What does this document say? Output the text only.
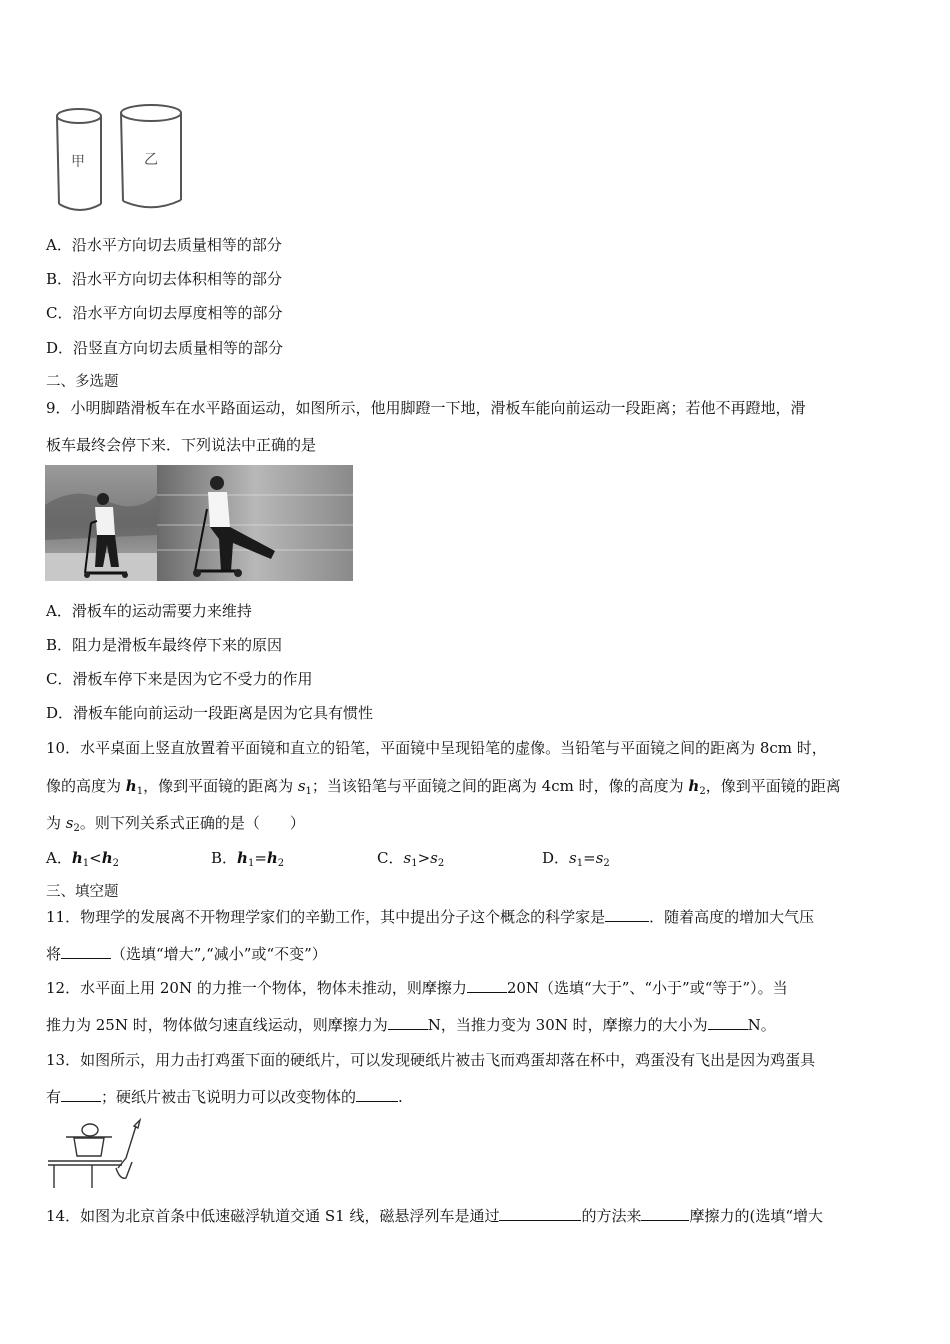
甲	乙
A．沿水平方向切去质量相等的部分
B．沿水平方向切去体积相等的部分
C．沿水平方向切去厚度相等的部分
D．沿竖直方向切去质量相等的部分
二、多选题
9．小明脚踏滑板车在水平路面运动，如图所示，他用脚蹬一下地，滑板车能向前运动一段距离；若他不再蹬地，滑
板车最终会停下来．下列说法中正确的是
A．滑板车的运动需要力来维持
B．阻力是滑板车最终停下来的原因
C．滑板车停下来是因为它不受力的作用
D．滑板车能向前运动一段距离是因为它具有惯性
10．水平桌面上竖直放置着平面镜和直立的铅笔，平面镜中呈现铅笔的虚像。当铅笔与平面镜之间的距离为 8cm 时，
像的高度为 $h_1$，像到平面镜的距离为 $s_1$；当该铅笔与平面镜之间的距离为 4cm 时，像的高度为 $h_2$，像到平面镜的距离
为 $s_2$。则下列关系式正确的是（　　）
A．$h_1<h_2$	B．$h_1=h_2$	C．$s_1>s_2$	D．$s_1=s_2$
三、填空题
11．物理学的发展离不开物理学家们的辛勤工作，其中提出分子这个概念的科学家是	．随着高度的增加大气压
将	（选填“增大”,“减小”或“不变”）
12．水平面上用 20N 的力推一个物体，物体未推动，则摩擦力	20N（选填“大于”、“小于”或“等于”）。当
推力为 25N 时，物体做匀速直线运动，则摩擦力为	N，当推力变为 30N 时，摩擦力的大小为	N。
13．如图所示，用力击打鸡蛋下面的硬纸片，可以发现硬纸片被击飞而鸡蛋却落在杯中，鸡蛋没有飞出是因为鸡蛋具
有	；硬纸片被击飞说明力可以改变物体的	.
14．如图为北京首条中低速磁浮轨道交通 S1 线，磁悬浮列车是通过	的方法来	摩擦力的(选填“增大
